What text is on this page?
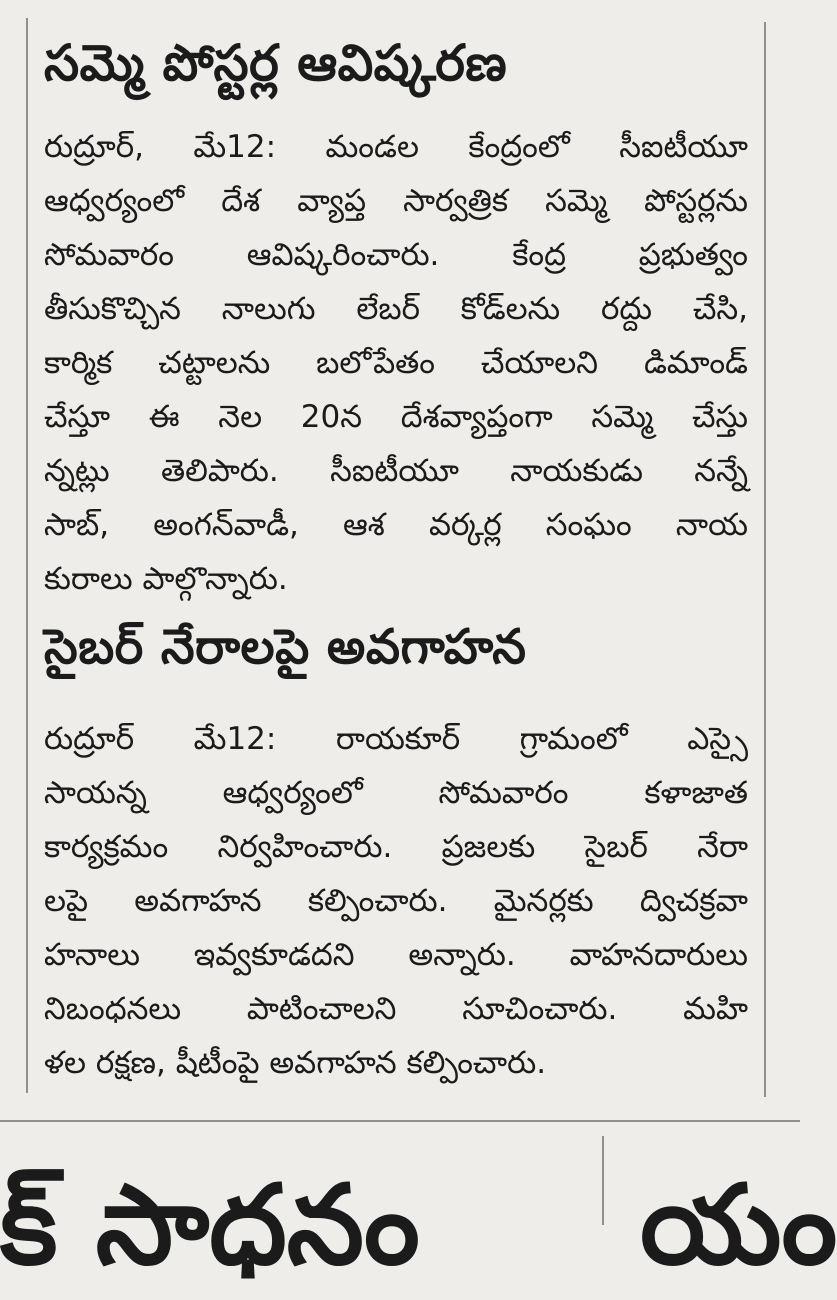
సమ్మె పోస్టర్ల ఆవిష్కరణ
రుద్రూర్, మే12: మండల కేంద్రంలో సీఐటీయూ
ఆధ్వర్యంలో దేశ వ్యాప్త సార్వత్రిక సమ్మె పోస్టర్లను
సోమవారం ఆవిష్కరించారు. కేంద్ర ప్రభుత్వం
తీసుకొచ్చిన నాలుగు లేబర్ కోడ్‌లను రద్దు చేసి,
కార్మిక చట్టాలను బలోపేతం చేయాలని డిమాండ్
చేస్తూ ఈ నెల 20న దేశవ్యాప్తంగా సమ్మె చేస్తు
న్నట్లు తెలిపారు. సీఐటీయూ నాయకుడు నన్నే
సాబ్, అంగన్‌వాడీ, ఆశ వర్కర్ల సంఘం నాయ
కురాలు పాల్గొన్నారు.
సైబర్ నేరాలపై అవగాహన
రుద్రూర్ మే12: రాయకూర్ గ్రామంలో ఎస్సై
సాయన్న ఆధ్వర్యంలో సోమవారం కళాజాత
కార్యక్రమం నిర్వహించారు. ప్రజలకు సైబర్ నేరా
లపై అవగాహన కల్పించారు. మైనర్లకు ద్విచక్రవా
హనాలు ఇవ్వకూడదని అన్నారు. వాహనదారులు
నిబంధనలు పాటించాలని సూచించారు. మహి
ళల రక్షణ, షీటీంపై అవగాహన కల్పించారు.
క్ సాధనం	యం
